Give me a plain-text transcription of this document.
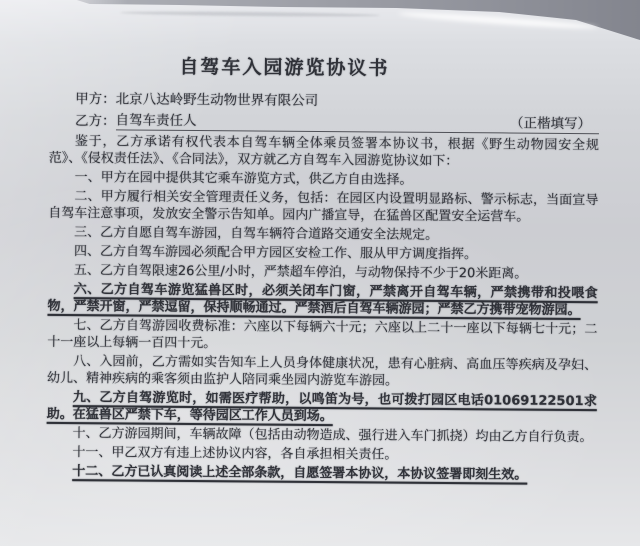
自驾车入园游览协议书
甲方： 北京八达岭野生动物世界有限公司
乙方： 自驾车责任人	（正楷填写）

鉴于，乙方承诺有权代表本自驾车辆全体乘员签署本协议书，根据《野生动物园安全规范》、《侵权责任法》、《合同法》，双方就乙方自驾车入园游览协议如下：

一、甲方在园中提供其它乘车游览方式，供乙方自由选择。

二、甲方履行相关安全管理责任义务，包括：在园区内设置明显路标、警示标志，当面宣导自驾车注意事项，发放安全警示告知单。园内广播宣导，在猛兽区配置安全运营车。

三、乙方自愿自驾车游园，自驾车辆符合道路交通安全法规定。

四、乙方自驾车游园必须配合甲方园区安检工作、服从甲方调度指挥。

五、乙方自驾限速26公里/小时，严禁超车停泊，与动物保持不少于20米距离。

六、乙方自驾车游览猛兽区时，必须关闭车门窗，严禁离开自驾车辆，严禁携带和投喂食物，严禁开窗，严禁逗留，保持顺畅通过。严禁酒后自驾车辆游园；严禁乙方携带宠物游园。

七、乙方自驾游园收费标准：六座以下每辆六十元；六座以上二十一座以下每辆七十元；二十一座以上每辆一百四十元。

八、入园前，乙方需如实告知车上人员身体健康状况，患有心脏病、高血压等疾病及孕妇、幼儿、精神疾病的乘客须由监护人陪同乘坐园内游览车游园。

九、乙方自驾游览时，如需医疗帮助，以鸣笛为号，也可拨打园区电话01069122501求助。在猛兽区严禁下车，等待园区工作人员到场。

十、乙方游园期间，车辆故障（包括由动物造成、强行进入车门抓挠）均由乙方自行负责。

十一、甲乙双方有违上述协议内容，各自承担相关责任。

十二、乙方已认真阅读上述全部条款，自愿签署本协议，本协议签署即刻生效。
